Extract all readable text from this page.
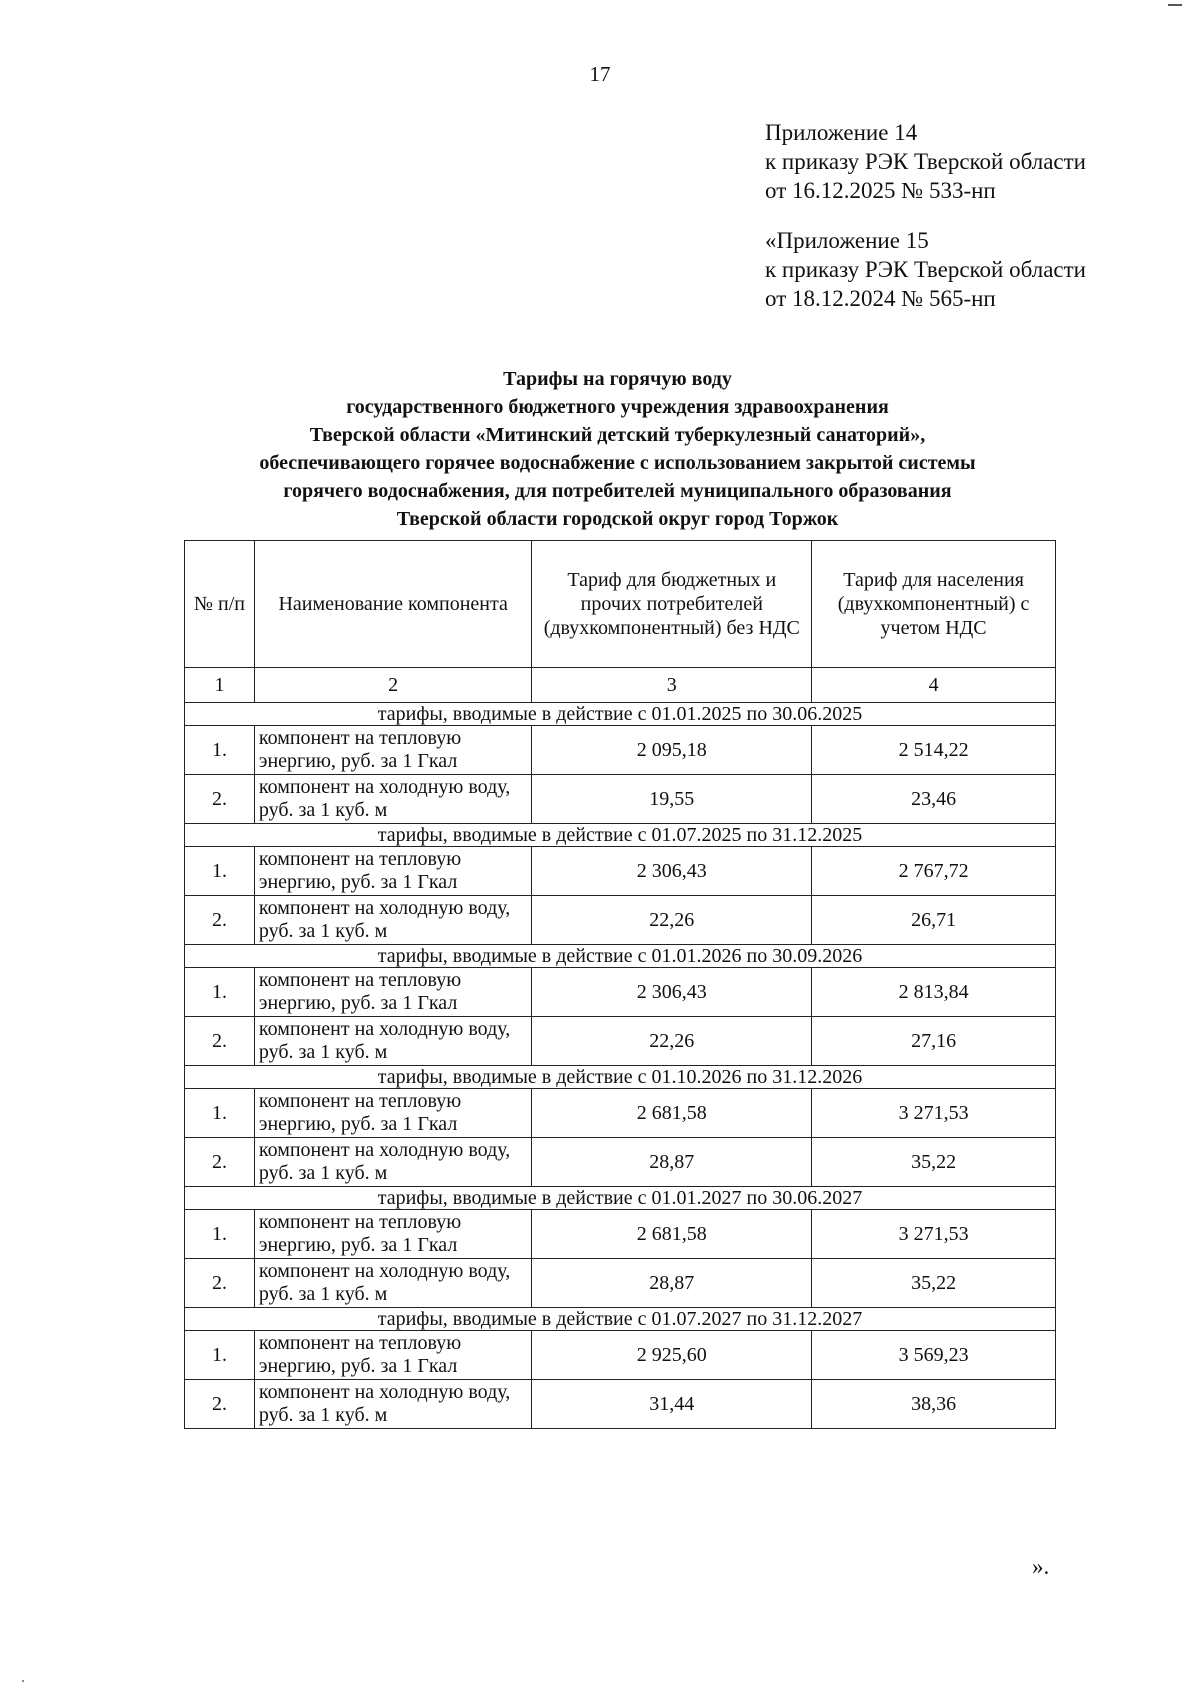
17
Приложение 14
к приказу РЭК Тверской области
от 16.12.2025 № 533-нп
«Приложение 15
к приказу РЭК Тверской области
от 18.12.2024 № 565-нп
Тарифы на горячую воду
государственного бюджетного учреждения здравоохранения
Тверской области «Митинский детский туберкулезный санаторий»,
обеспечивающего горячее водоснабжение с использованием закрытой системы
горячего водоснабжения, для потребителей муниципального образования
Тверской области городской округ город Торжок
№ п/п	Наименование компонента	Тариф для бюджетных и прочих потребителей (двухкомпонентный) без НДС	Тариф для населения (двухкомпонентный) с учетом НДС
1	2	3	4
тарифы, вводимые в действие с 01.01.2025 по 30.06.2025			
1.	компонент на тепловую энергию, руб. за 1 Гкал	2 095,18	2 514,22
2.	компонент на холодную воду, руб. за 1 куб. м	19,55	23,46
тарифы, вводимые в действие с 01.07.2025 по 31.12.2025			
1.	компонент на тепловую энергию, руб. за 1 Гкал	2 306,43	2 767,72
2.	компонент на холодную воду, руб. за 1 куб. м	22,26	26,71
тарифы, вводимые в действие с 01.01.2026 по 30.09.2026			
1.	компонент на тепловую энергию, руб. за 1 Гкал	2 306,43	2 813,84
2.	компонент на холодную воду, руб. за 1 куб. м	22,26	27,16
тарифы, вводимые в действие с 01.10.2026 по 31.12.2026			
1.	компонент на тепловую энергию, руб. за 1 Гкал	2 681,58	3 271,53
2.	компонент на холодную воду, руб. за 1 куб. м	28,87	35,22
тарифы, вводимые в действие с 01.01.2027 по 30.06.2027			
1.	компонент на тепловую энергию, руб. за 1 Гкал	2 681,58	3 271,53
2.	компонент на холодную воду, руб. за 1 куб. м	28,87	35,22
тарифы, вводимые в действие с 01.07.2027 по 31.12.2027			
1.	компонент на тепловую энергию, руб. за 1 Гкал	2 925,60	3 569,23
2.	компонент на холодную воду, руб. за 1 куб. м	31,44	38,36
».
